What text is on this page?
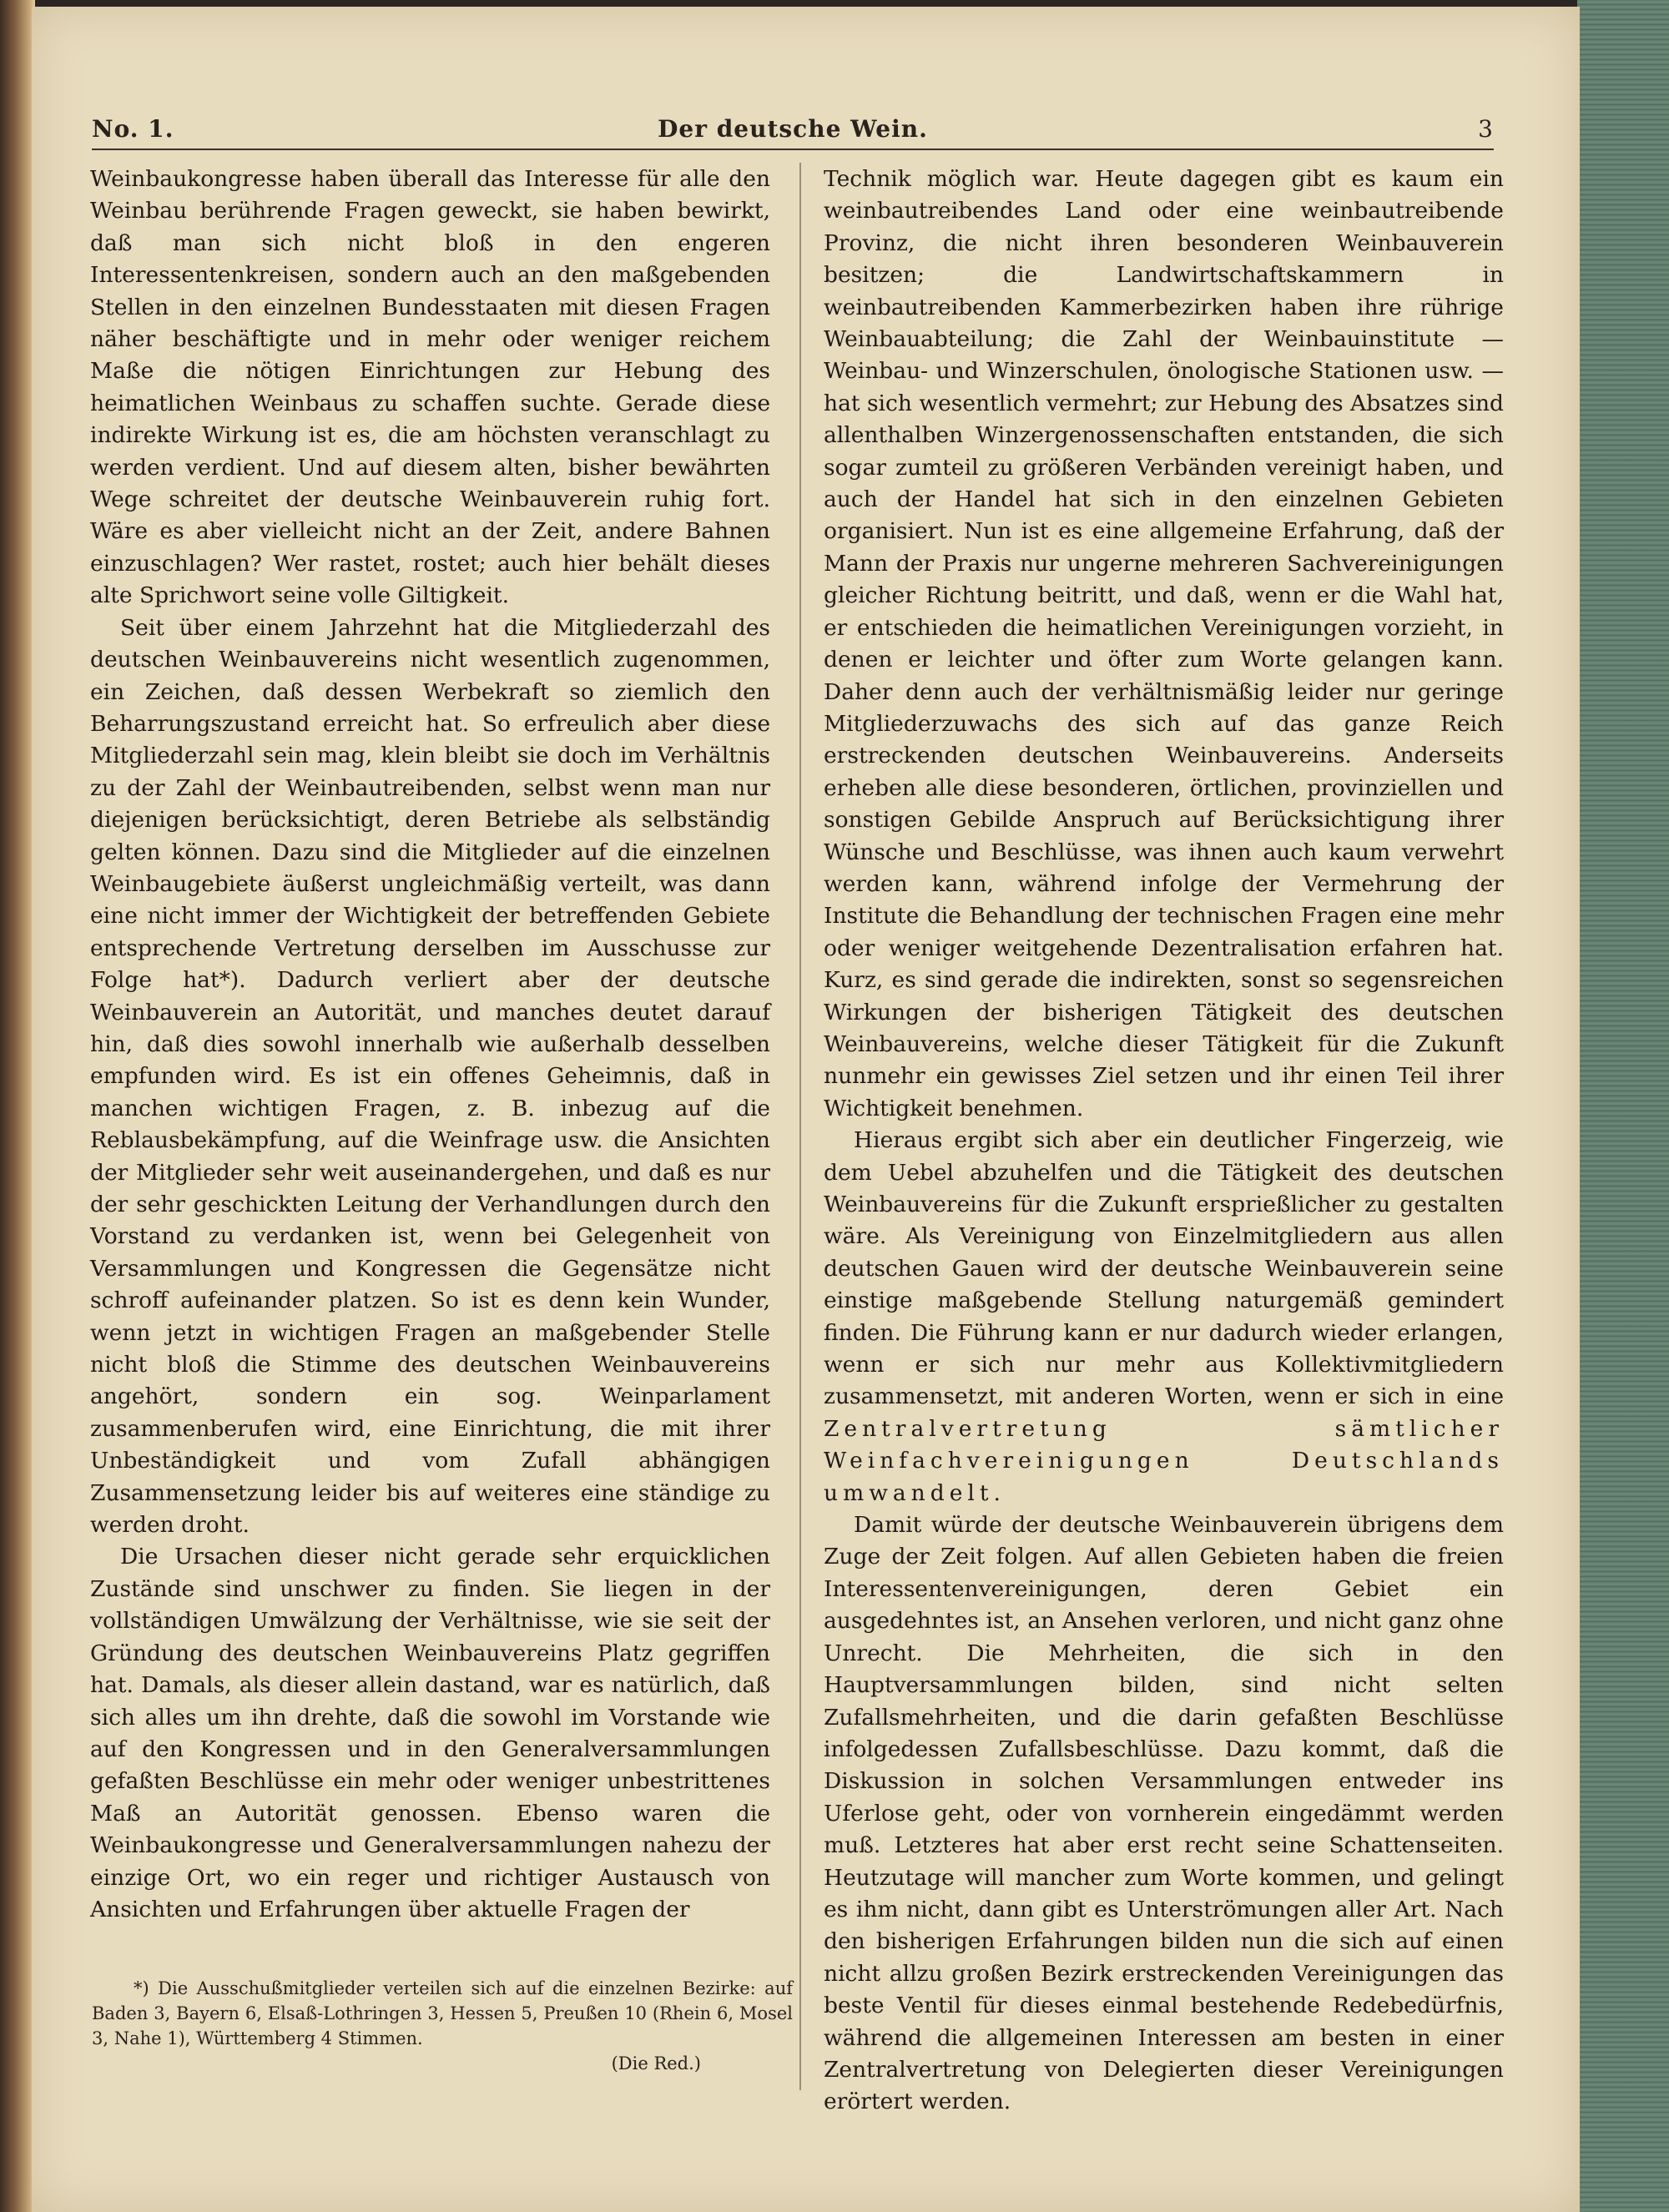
No. 1.	Der deutsche Wein.	3

Weinbaukongresse haben überall das Interesse für alle den Weinbau berührende Fragen geweckt, sie haben bewirkt, daß man sich nicht bloß in den engeren Interessentenkreisen, sondern auch an den maßgebenden Stellen in den einzelnen Bundesstaaten mit diesen Fragen näher beschäftigte und in mehr oder weniger reichem Maße die nötigen Einrichtungen zur Hebung des heimatlichen Weinbaus zu schaffen suchte. Gerade diese indirekte Wirkung ist es, die am höchsten veranschlagt zu werden verdient. Und auf diesem alten, bisher bewährten Wege schreitet der deutsche Weinbauverein ruhig fort. Wäre es aber vielleicht nicht an der Zeit, andere Bahnen einzuschlagen? Wer rastet, rostet; auch hier behält dieses alte Sprichwort seine volle Giltigkeit.

Seit über einem Jahrzehnt hat die Mitgliederzahl des deutschen Weinbauvereins nicht wesentlich zugenommen, ein Zeichen, daß dessen Werbekraft so ziemlich den Beharrungszustand erreicht hat. So erfreulich aber diese Mitgliederzahl sein mag, klein bleibt sie doch im Verhältnis zu der Zahl der Weinbautreibenden, selbst wenn man nur diejenigen berücksichtigt, deren Betriebe als selbständig gelten können. Dazu sind die Mitglieder auf die einzelnen Weinbaugebiete äußerst ungleichmäßig verteilt, was dann eine nicht immer der Wichtigkeit der betreffenden Gebiete entsprechende Vertretung derselben im Ausschusse zur Folge hat*). Dadurch verliert aber der deutsche Weinbauverein an Autorität, und manches deutet darauf hin, daß dies sowohl innerhalb wie außerhalb desselben empfunden wird. Es ist ein offenes Geheimnis, daß in manchen wichtigen Fragen, z. B. inbezug auf die Reblausbekämpfung, auf die Weinfrage usw. die Ansichten der Mitglieder sehr weit auseinandergehen, und daß es nur der sehr geschickten Leitung der Verhandlungen durch den Vorstand zu verdanken ist, wenn bei Gelegenheit von Versammlungen und Kongressen die Gegensätze nicht schroff aufeinander platzen. So ist es denn kein Wunder, wenn jetzt in wichtigen Fragen an maßgebender Stelle nicht bloß die Stimme des deutschen Weinbauvereins angehört, sondern ein sog. Weinparlament zusammenberufen wird, eine Einrichtung, die mit ihrer Unbeständigkeit und vom Zufall abhängigen Zusammensetzung leider bis auf weiteres eine ständige zu werden droht.

Die Ursachen dieser nicht gerade sehr erquicklichen Zustände sind unschwer zu finden. Sie liegen in der vollständigen Umwälzung der Verhältnisse, wie sie seit der Gründung des deutschen Weinbauvereins Platz gegriffen hat. Damals, als dieser allein dastand, war es natürlich, daß sich alles um ihn drehte, daß die sowohl im Vorstande wie auf den Kongressen und in den Generalversammlungen gefaßten Beschlüsse ein mehr oder weniger unbestrittenes Maß an Autorität genossen. Ebenso waren die Weinbaukongresse und Generalversammlungen nahezu der einzige Ort, wo ein reger und richtiger Austausch von Ansichten und Erfahrungen über aktuelle Fragen der

*) Die Ausschußmitglieder verteilen sich auf die einzelnen Bezirke: auf Baden 3, Bayern 6, Elsaß-Lothringen 3, Hessen 5, Preußen 10 (Rhein 6, Mosel 3, Nahe 1), Württemberg 4 Stimmen.

(Die Red.)

Technik möglich war. Heute dagegen gibt es kaum ein weinbautreibendes Land oder eine weinbautreibende Provinz, die nicht ihren besonderen Weinbauverein besitzen; die Landwirtschaftskammern in weinbautreibenden Kammerbezirken haben ihre rührige Weinbauabteilung; die Zahl der Weinbauinstitute — Weinbau- und Winzerschulen, önologische Stationen usw. — hat sich wesentlich vermehrt; zur Hebung des Absatzes sind allenthalben Winzergenossenschaften entstanden, die sich sogar zumteil zu größeren Verbänden vereinigt haben, und auch der Handel hat sich in den einzelnen Gebieten organisiert. Nun ist es eine allgemeine Erfahrung, daß der Mann der Praxis nur ungerne mehreren Sachvereinigungen gleicher Richtung beitritt, und daß, wenn er die Wahl hat, er entschieden die heimatlichen Vereinigungen vorzieht, in denen er leichter und öfter zum Worte gelangen kann. Daher denn auch der verhältnismäßig leider nur geringe Mitgliederzuwachs des sich auf das ganze Reich erstreckenden deutschen Weinbauvereins. Anderseits erheben alle diese besonderen, örtlichen, provinziellen und sonstigen Gebilde Anspruch auf Berücksichtigung ihrer Wünsche und Beschlüsse, was ihnen auch kaum verwehrt werden kann, während infolge der Vermehrung der Institute die Behandlung der technischen Fragen eine mehr oder weniger weitgehende Dezentralisation erfahren hat. Kurz, es sind gerade die indirekten, sonst so segensreichen Wirkungen der bisherigen Tätigkeit des deutschen Weinbauvereins, welche dieser Tätigkeit für die Zukunft nunmehr ein gewisses Ziel setzen und ihr einen Teil ihrer Wichtigkeit benehmen.

Hieraus ergibt sich aber ein deutlicher Fingerzeig, wie dem Uebel abzuhelfen und die Tätigkeit des deutschen Weinbauvereins für die Zukunft ersprießlicher zu gestalten wäre. Als Vereinigung von Einzelmitgliedern aus allen deutschen Gauen wird der deutsche Weinbauverein seine einstige maßgebende Stellung naturgemäß gemindert finden. Die Führung kann er nur dadurch wieder erlangen, wenn er sich nur mehr aus Kollektivmitgliedern zusammensetzt, mit anderen Worten, wenn er sich in eine Zentralvertretung sämtlicher Weinfachvereinigungen Deutschlands umwandelt.

Damit würde der deutsche Weinbauverein übrigens dem Zuge der Zeit folgen. Auf allen Gebieten haben die freien Interessentenvereinigungen, deren Gebiet ein ausgedehntes ist, an Ansehen verloren, und nicht ganz ohne Unrecht. Die Mehrheiten, die sich in den Hauptversammlungen bilden, sind nicht selten Zufallsmehrheiten, und die darin gefaßten Beschlüsse infolgedessen Zufallsbeschlüsse. Dazu kommt, daß die Diskussion in solchen Versammlungen entweder ins Uferlose geht, oder von vornherein eingedämmt werden muß. Letzteres hat aber erst recht seine Schattenseiten. Heutzutage will mancher zum Worte kommen, und gelingt es ihm nicht, dann gibt es Unterströmungen aller Art. Nach den bisherigen Erfahrungen bilden nun die sich auf einen nicht allzu großen Bezirk erstreckenden Vereinigungen das beste Ventil für dieses einmal bestehende Redebedürfnis, während die allgemeinen Interessen am besten in einer Zentralvertretung von Delegierten dieser Vereinigungen erörtert werden.
